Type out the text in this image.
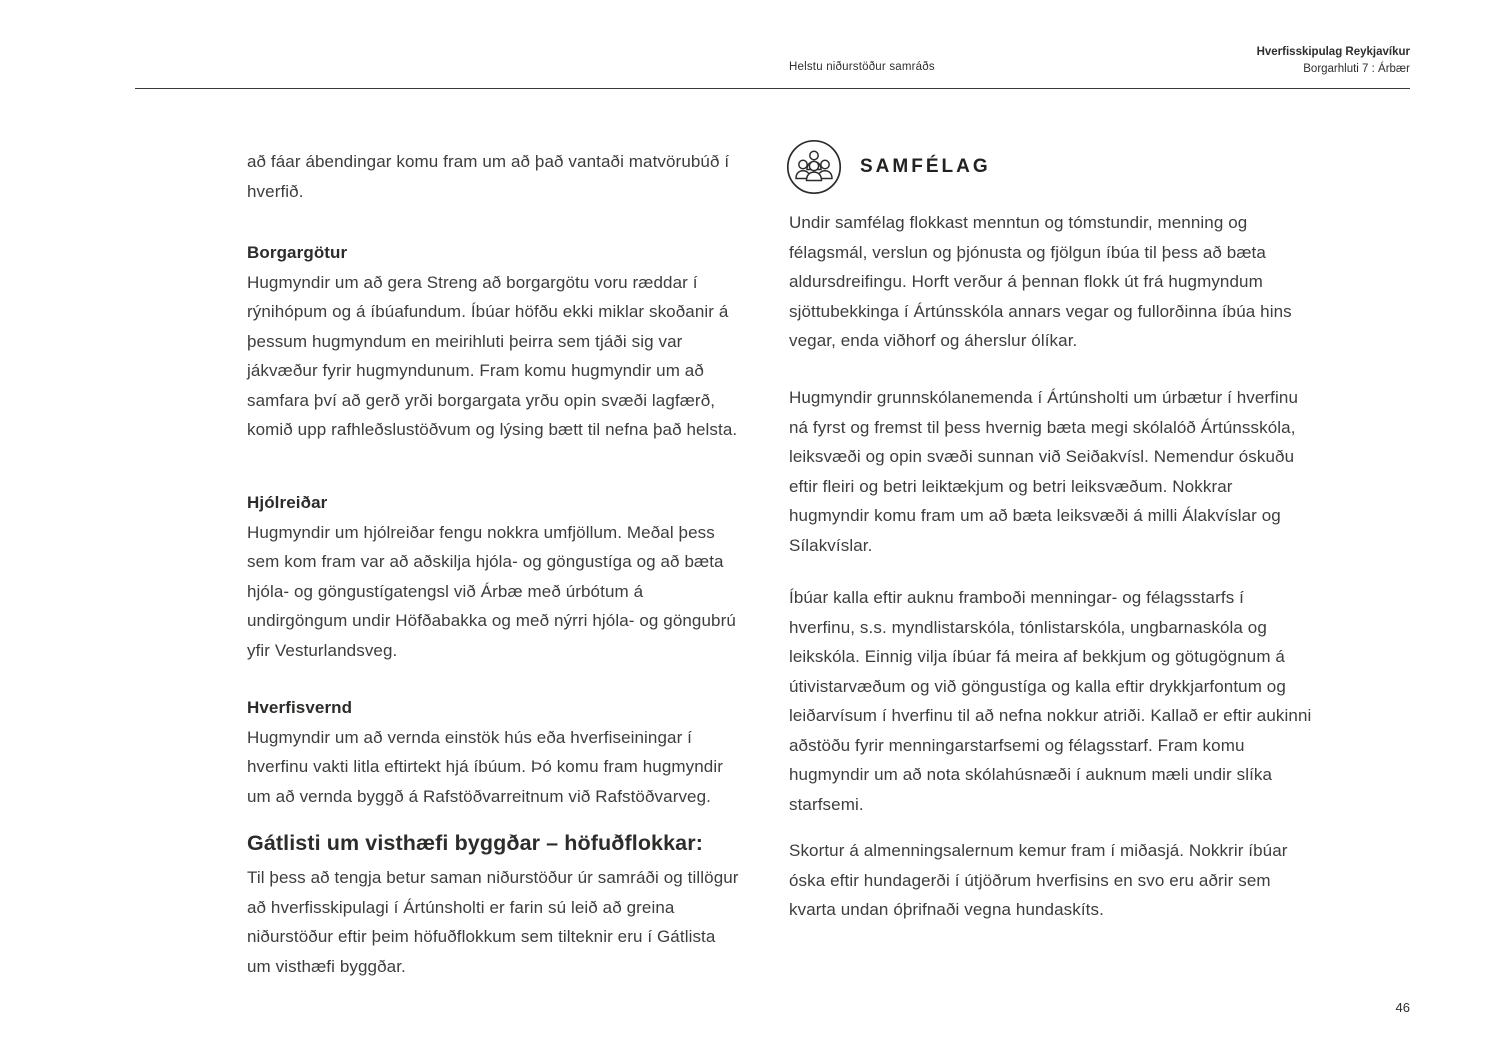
Helstu niðurstöður samráðs
Hverfisskipulag Reykjavíkur
Borgarhluti 7 : Árbær

að fáar ábendingar komu fram um að það vantaði matvörubúð í hverfið.

Borgargötur

Hugmyndir um að gera Streng að borgargötu voru ræddar í rýnihópum og á íbúafundum. Íbúar höfðu ekki miklar skoðanir á þessum hugmyndum en meirihluti þeirra sem tjáði sig var jákvæður fyrir hugmyndunum. Fram komu hugmyndir um að samfara því að gerð yrði borgargata yrðu opin svæði lagfærð, komið upp rafhleðslustöðvum og lýsing bætt til nefna það helsta.

Hjólreiðar

Hugmyndir um hjólreiðar fengu nokkra umfjöllum. Meðal þess sem kom fram var að aðskilja hjóla- og göngustíga og að bæta hjóla- og göngustígatengsl við Árbæ með úrbótum á undirgöngum undir Höfðabakka og með nýrri hjóla- og göngubrú yfir Vesturlandsveg.

Hverfisvernd

Hugmyndir um að vernda einstök hús eða hverfiseiningar í hverfinu vakti litla eftirtekt hjá íbúum. Þó komu fram hugmyndir um að vernda byggð á Rafstöðvarreitnum við Rafstöðvarveg.

Gátlisti um visthæfi byggðar – höfuðflokkar:

Til þess að tengja betur saman niðurstöður úr samráði og tillögur að hverfisskipulagi í Ártúnsholti er farin sú leið að greina niðurstöður eftir þeim höfuðflokkum sem tilteknir eru í Gátlista um visthæfi byggðar.

SAMFÉLAG

Undir samfélag flokkast menntun og tómstundir, menning og félagsmál, verslun og þjónusta og fjölgun íbúa til þess að bæta aldursdreifingu. Horft verður á þennan flokk út frá hugmyndum sjöttubekkinga í Ártúnsskóla annars vegar og fullorðinna íbúa hins vegar, enda viðhorf og áherslur ólíkar.

Hugmyndir grunnskólanemenda í Ártúnsholti um úrbætur í hverfinu ná fyrst og fremst til þess hvernig bæta megi skólalóð Ártúnsskóla, leiksvæði og opin svæði sunnan við Seiðakvísl. Nemendur óskuðu eftir fleiri og betri leiktækjum og betri leiksvæðum. Nokkrar hugmyndir komu fram um að bæta leiksvæði á milli Álakvíslar og Sílakvíslar.

Íbúar kalla eftir auknu framboði menningar- og félagsstarfs í hverfinu, s.s. myndlistarskóla, tónlistarskóla, ungbarnaskóla og leikskóla. Einnig vilja íbúar fá meira af bekkjum og götugögnum á útivistarvæðum og við göngustíga og kalla eftir drykkjarfontum og leiðarvísum í hverfinu til að nefna nokkur atriði. Kallað er eftir aukinni aðstöðu fyrir menningarstarfsemi og félagsstarf. Fram komu hugmyndir um að nota skólahúsnæði í auknum mæli undir slíka starfsemi.

Skortur á almenningsalernum kemur fram í miðasjá. Nokkrir íbúar óska eftir hundagerði í útjöðrum hverfisins en svo eru aðrir sem kvarta undan óþrifnaði vegna hundaskíts.

46
